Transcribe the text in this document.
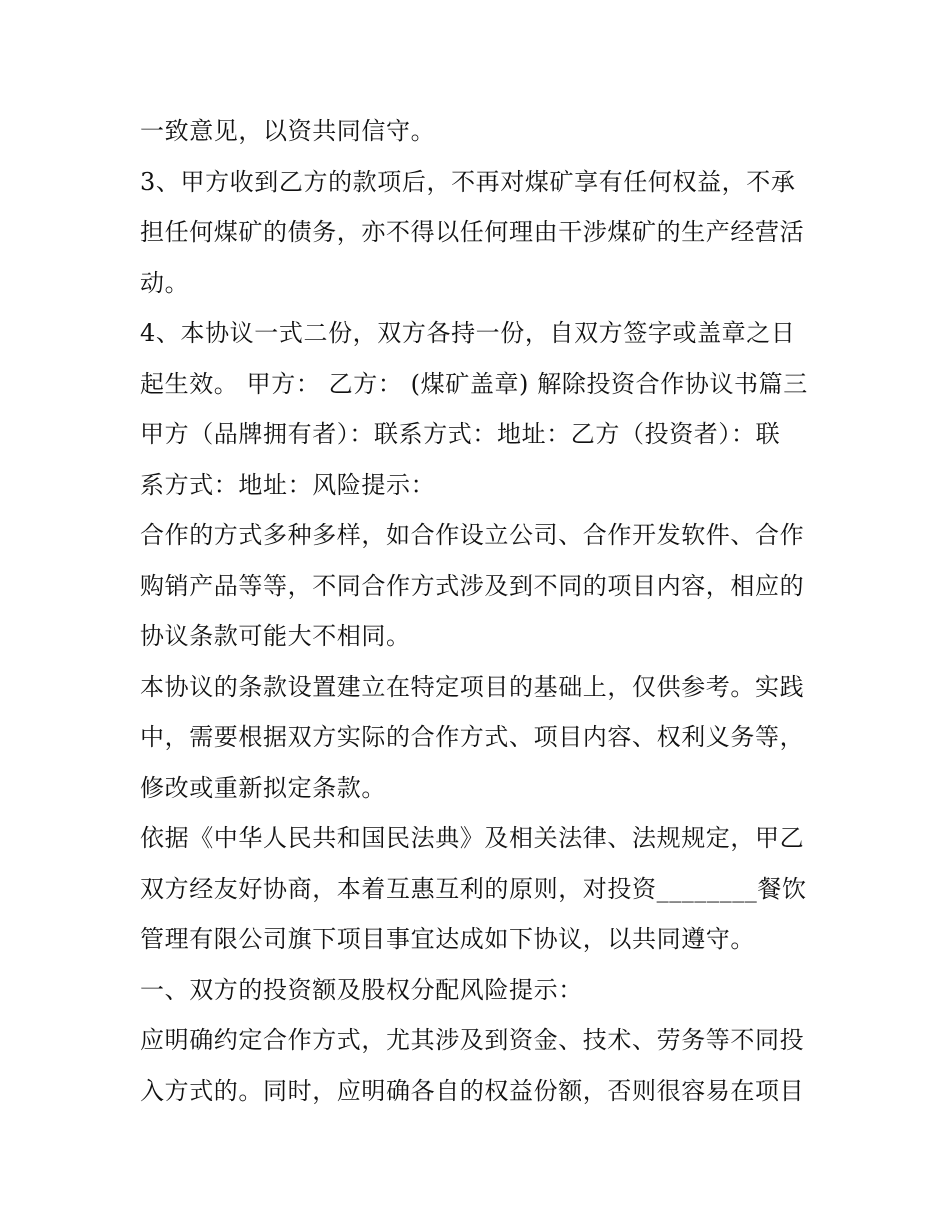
一致意见，以资共同信守。
3、甲方收到乙方的款项后，不再对煤矿享有任何权益，不承
担任何煤矿的债务，亦不得以任何理由干涉煤矿的生产经营活
动。
4、本协议一式二份，双方各持一份，自双方签字或盖章之日
起生效。 甲方： 乙方： (煤矿盖章) 解除投资合作协议书篇三
甲方（品牌拥有者）：联系方式：地址：乙方（投资者）：联
系方式：地址：风险提示：
合作的方式多种多样，如合作设立公司、合作开发软件、合作
购销产品等等，不同合作方式涉及到不同的项目内容，相应的
协议条款可能大不相同。
本协议的条款设置建立在特定项目的基础上，仅供参考。实践
中，需要根据双方实际的合作方式、项目内容、权利义务等，
修改或重新拟定条款。
依据《中华人民共和国民法典》及相关法律、法规规定，甲乙
双方经友好协商，本着互惠互利的原则，对投资________餐饮
管理有限公司旗下项目事宜达成如下协议，以共同遵守。
一、双方的投资额及股权分配风险提示：
应明确约定合作方式，尤其涉及到资金、技术、劳务等不同投
入方式的。同时，应明确各自的权益份额，否则很容易在项目
